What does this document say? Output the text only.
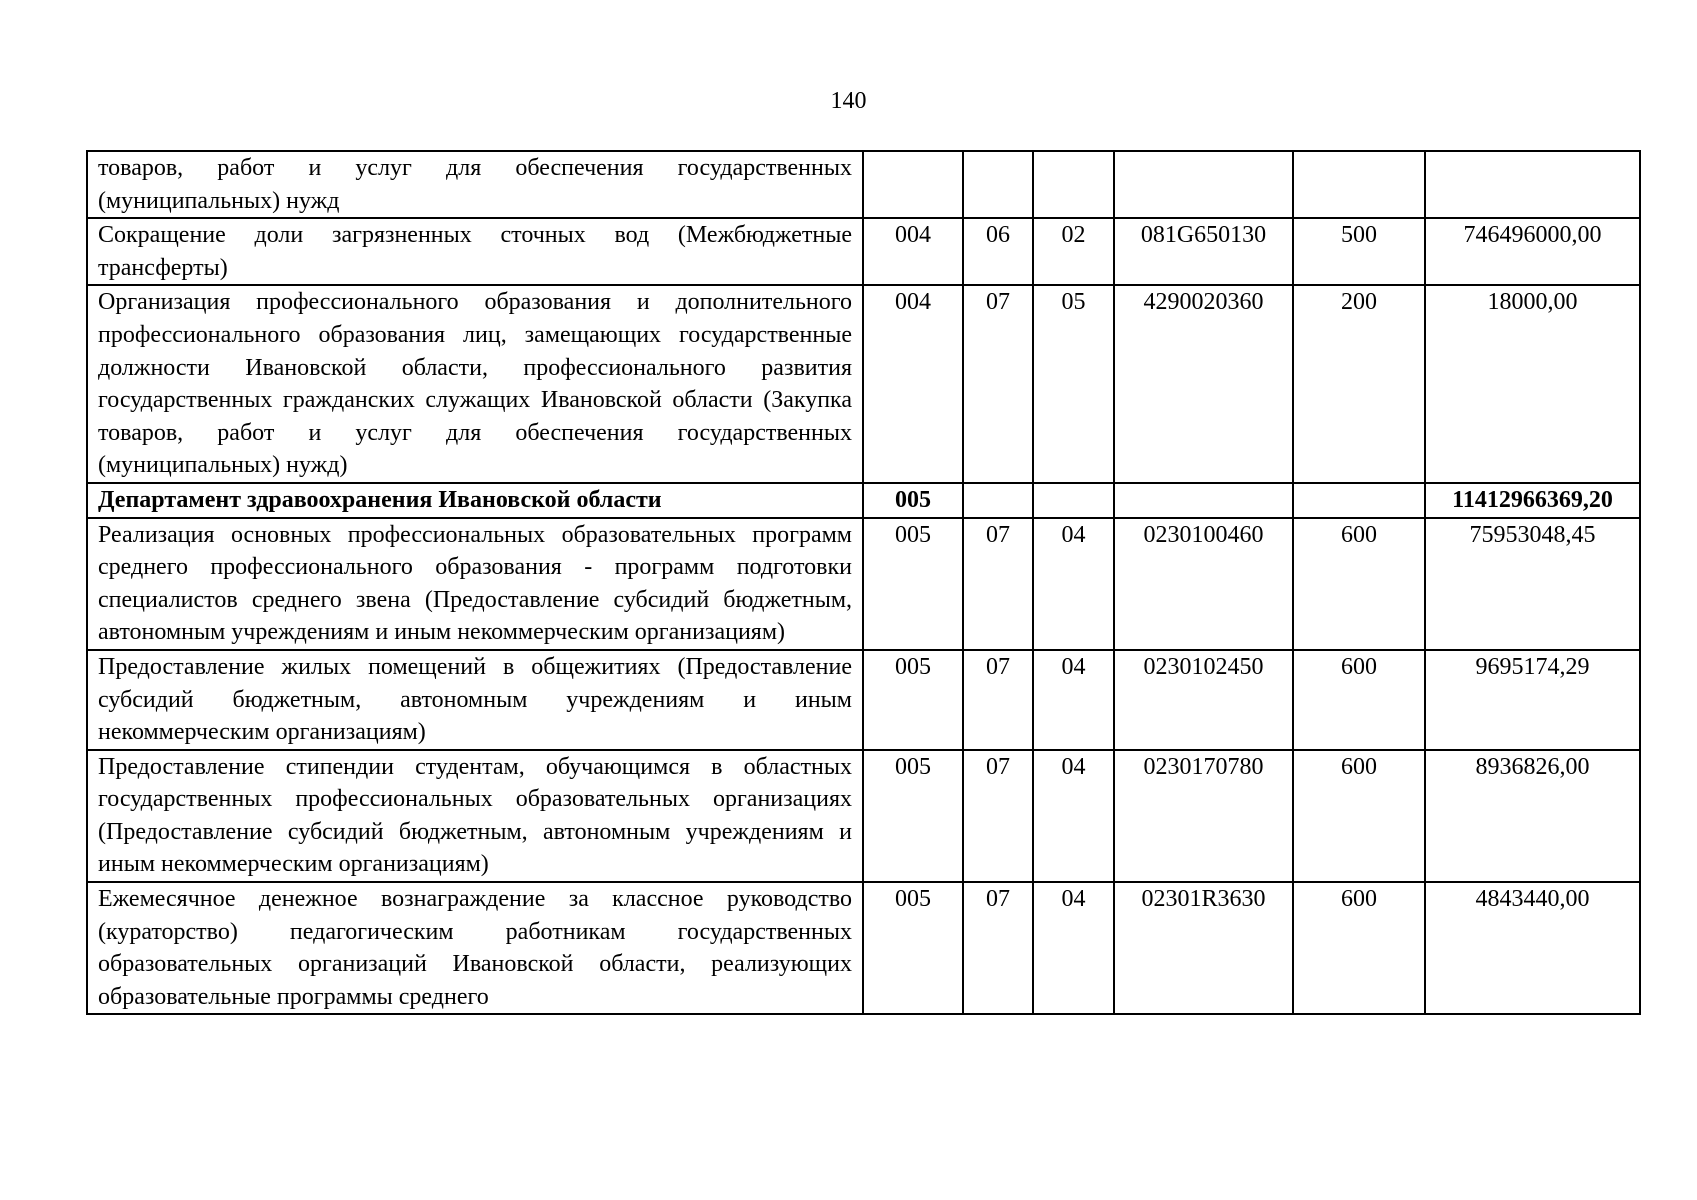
140
товаров, работ и услуг для обеспечения государственных (муниципальных) нужд						
Сокращение доли загрязненных сточных вод (Межбюджетные трансферты)	004	06	02	081G650130	500	746496000,00
Организация профессионального образования и дополнительного профессионального образования лиц, замещающих государственные должности Ивановской области, профессионального развития государственных гражданских служащих Ивановской области (Закупка товаров, работ и услуг для обеспечения государственных (муниципальных) нужд)	004	07	05	4290020360	200	18000,00
Департамент здравоохранения Ивановской области	005					11412966369,20
Реализация основных профессиональных образовательных программ среднего профессионального образования - программ подготовки специалистов среднего звена (Предоставление субсидий бюджетным, автономным учреждениям и иным некоммерческим организациям)	005	07	04	0230100460	600	75953048,45
Предоставление жилых помещений в общежитиях (Предоставление субсидий бюджетным, автономным учреждениям и иным некоммерческим организациям)	005	07	04	0230102450	600	9695174,29
Предоставление стипендии студентам, обучающимся в областных государственных профессиональных образовательных организациях (Предоставление субсидий бюджетным, автономным учреждениям и иным некоммерческим организациям)	005	07	04	0230170780	600	8936826,00
Ежемесячное денежное вознаграждение за классное руководство (кураторство) педагогическим работникам государственных образовательных организаций Ивановской области, реализующих образовательные программы среднего	005	07	04	02301R3630	600	4843440,00
